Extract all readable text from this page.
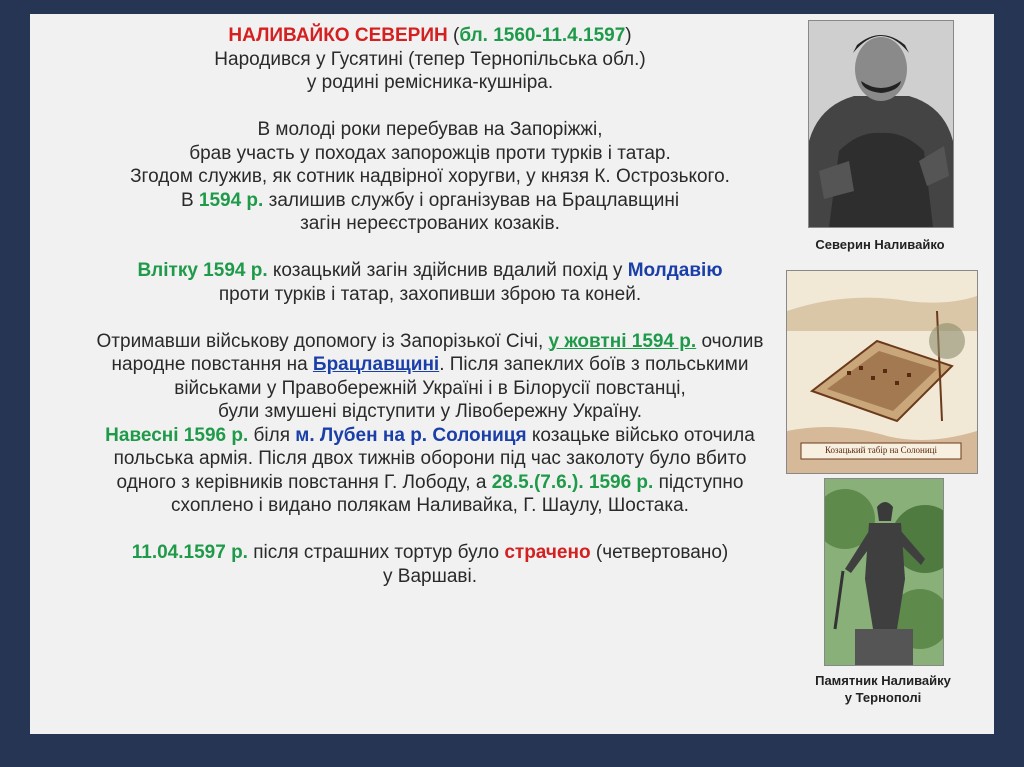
НАЛИВАЙКО СЕВЕРИН (бл. 1560-11.4.1597)

Народився у Гусятині (тепер Тернопільська обл.)

у родині ремісника-кушніра.

В молоді роки перебував на Запоріжжі,

брав участь у походах запорожців проти турків і татар.

Згодом служив, як сотник надвірної хоругви, у князя К. Острозького.

В 1594 р. залишив службу і організував на Брацлавщині

загін нереєстрованих козаків.

Влітку 1594 р. козацький загін здійснив вдалий похід у Молдавію

проти турків і татар, захопивши зброю та коней.

Отримавши військову допомогу із Запорізької Січі, у жовтні 1594 р. очолив

народне повстання на Брацлавщині. Після запеклих боїв з польськими

військами у Правобережній Україні і в Білорусії повстанці,

були змушені відступити у Лівобережну Україну.

Навесні 1596 р. біля м. Лубен на р. Солониця козацьке військо оточила

польська армія. Після двох тижнів оборони під час заколоту було вбито

одного з керівників повстання Г. Лободу, а 28.5.(7.6.). 1596 р. підступно

схоплено і видано полякам Наливайка, Г. Шаулу, Шостака.

11.04.1597 р. після страшних тортур було страчено (четвертовано)

у Варшаві.

Северин Наливайко
Козацький табір на Солониці
Памятник Наливайку
у Тернополі
